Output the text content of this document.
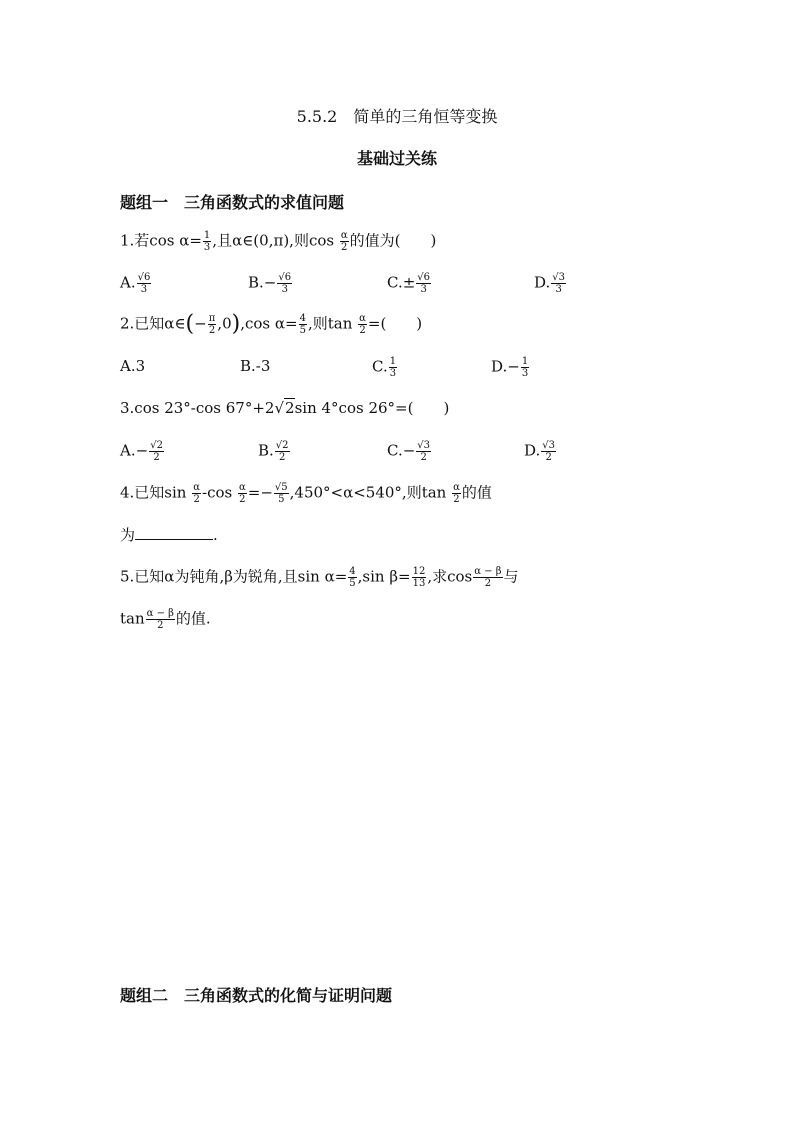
5.5.2　简单的三角恒等变换
基础过关练
题组一　三角函数式的求值问题
1.若$\cos \alpha= \frac{1}{3}$ ,且α∈(0,π),则$\cos \frac{\alpha}{2}$ 的值为(　　)
A. $\frac{√6}{3}$	$B.- \frac{√6}{3}$	$C.\pm \frac{√6}{3}$	D. $\frac{√3}{3}$
2.已知α∈(− $\frac{\pi}{2} ,0),\cos$ $\alpha= \frac{4}{5}$ ,则$\tan \frac{\alpha}{2}$ =(　　)
A.3	B.-3	C. $\frac{1}{3}$	$D.- \frac{1}{3}$
3.cos 23°-cos 67°+2√2sin 4°cos 26°=(　　)
$A.- \frac{√2}{2}$	B. $\frac{√2}{2}$	$C.- \frac{√3}{2}$	D. $\frac{√3}{2}$
4.已知$\sin \frac{\alpha}{2} -\cos \frac{\alpha}{2} =- \frac{√5}{5} ,450^\circ<\alpha<540^\circ$,则$\tan \frac{\alpha}{2}$ 的值
为	.
5.已知α为钝角,β为锐角,且$\sin \alpha= \frac{4}{5} ,\sin$ $\beta= \frac{12}{13}$ ,求$\cos \frac{\alpha - \beta}{2}$ 与
$\tan \frac{\alpha - \beta}{2}$ 的值.
题组二　三角函数式的化简与证明问题
